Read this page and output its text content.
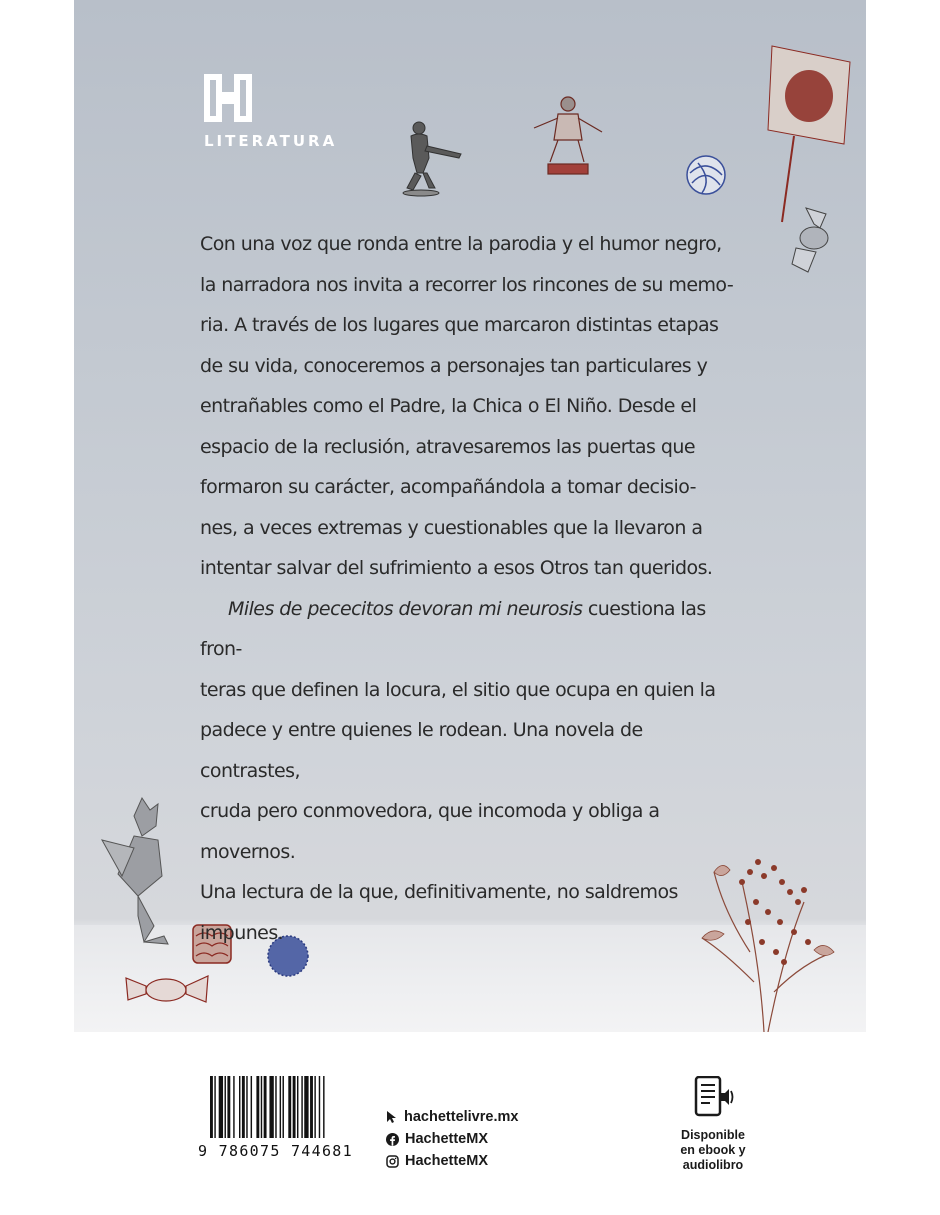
LITERATURA

Con una voz que ronda entre la parodia y el humor negro,
la narradora nos invita a recorrer los rincones de su memo-
ria. A través de los lugares que marcaron distintas etapas
de su vida, conoceremos a personajes tan particulares y
entrañables como el Padre, la Chica o El Niño. Desde el
espacio de la reclusión, atravesaremos las puertas que
formaron su carácter, acompañándola a tomar decisio-
nes, a veces extremas y cuestionables que la llevaron a
intentar salvar del sufrimiento a esos Otros tan queridos.

Miles de pececitos devoran mi neurosis cuestiona las fron-
teras que definen la locura, el sitio que ocupa en quien la
padece y entre quienes le rodean. Una novela de contrastes,
cruda pero conmovedora, que incomoda y obliga a movernos.
Una lectura de la que, definitivamente, no saldremos impunes.

9 786075 744681
hachettelivre.mx
HachetteMX
HachetteMX
Disponible
en ebook y
audiolibro
